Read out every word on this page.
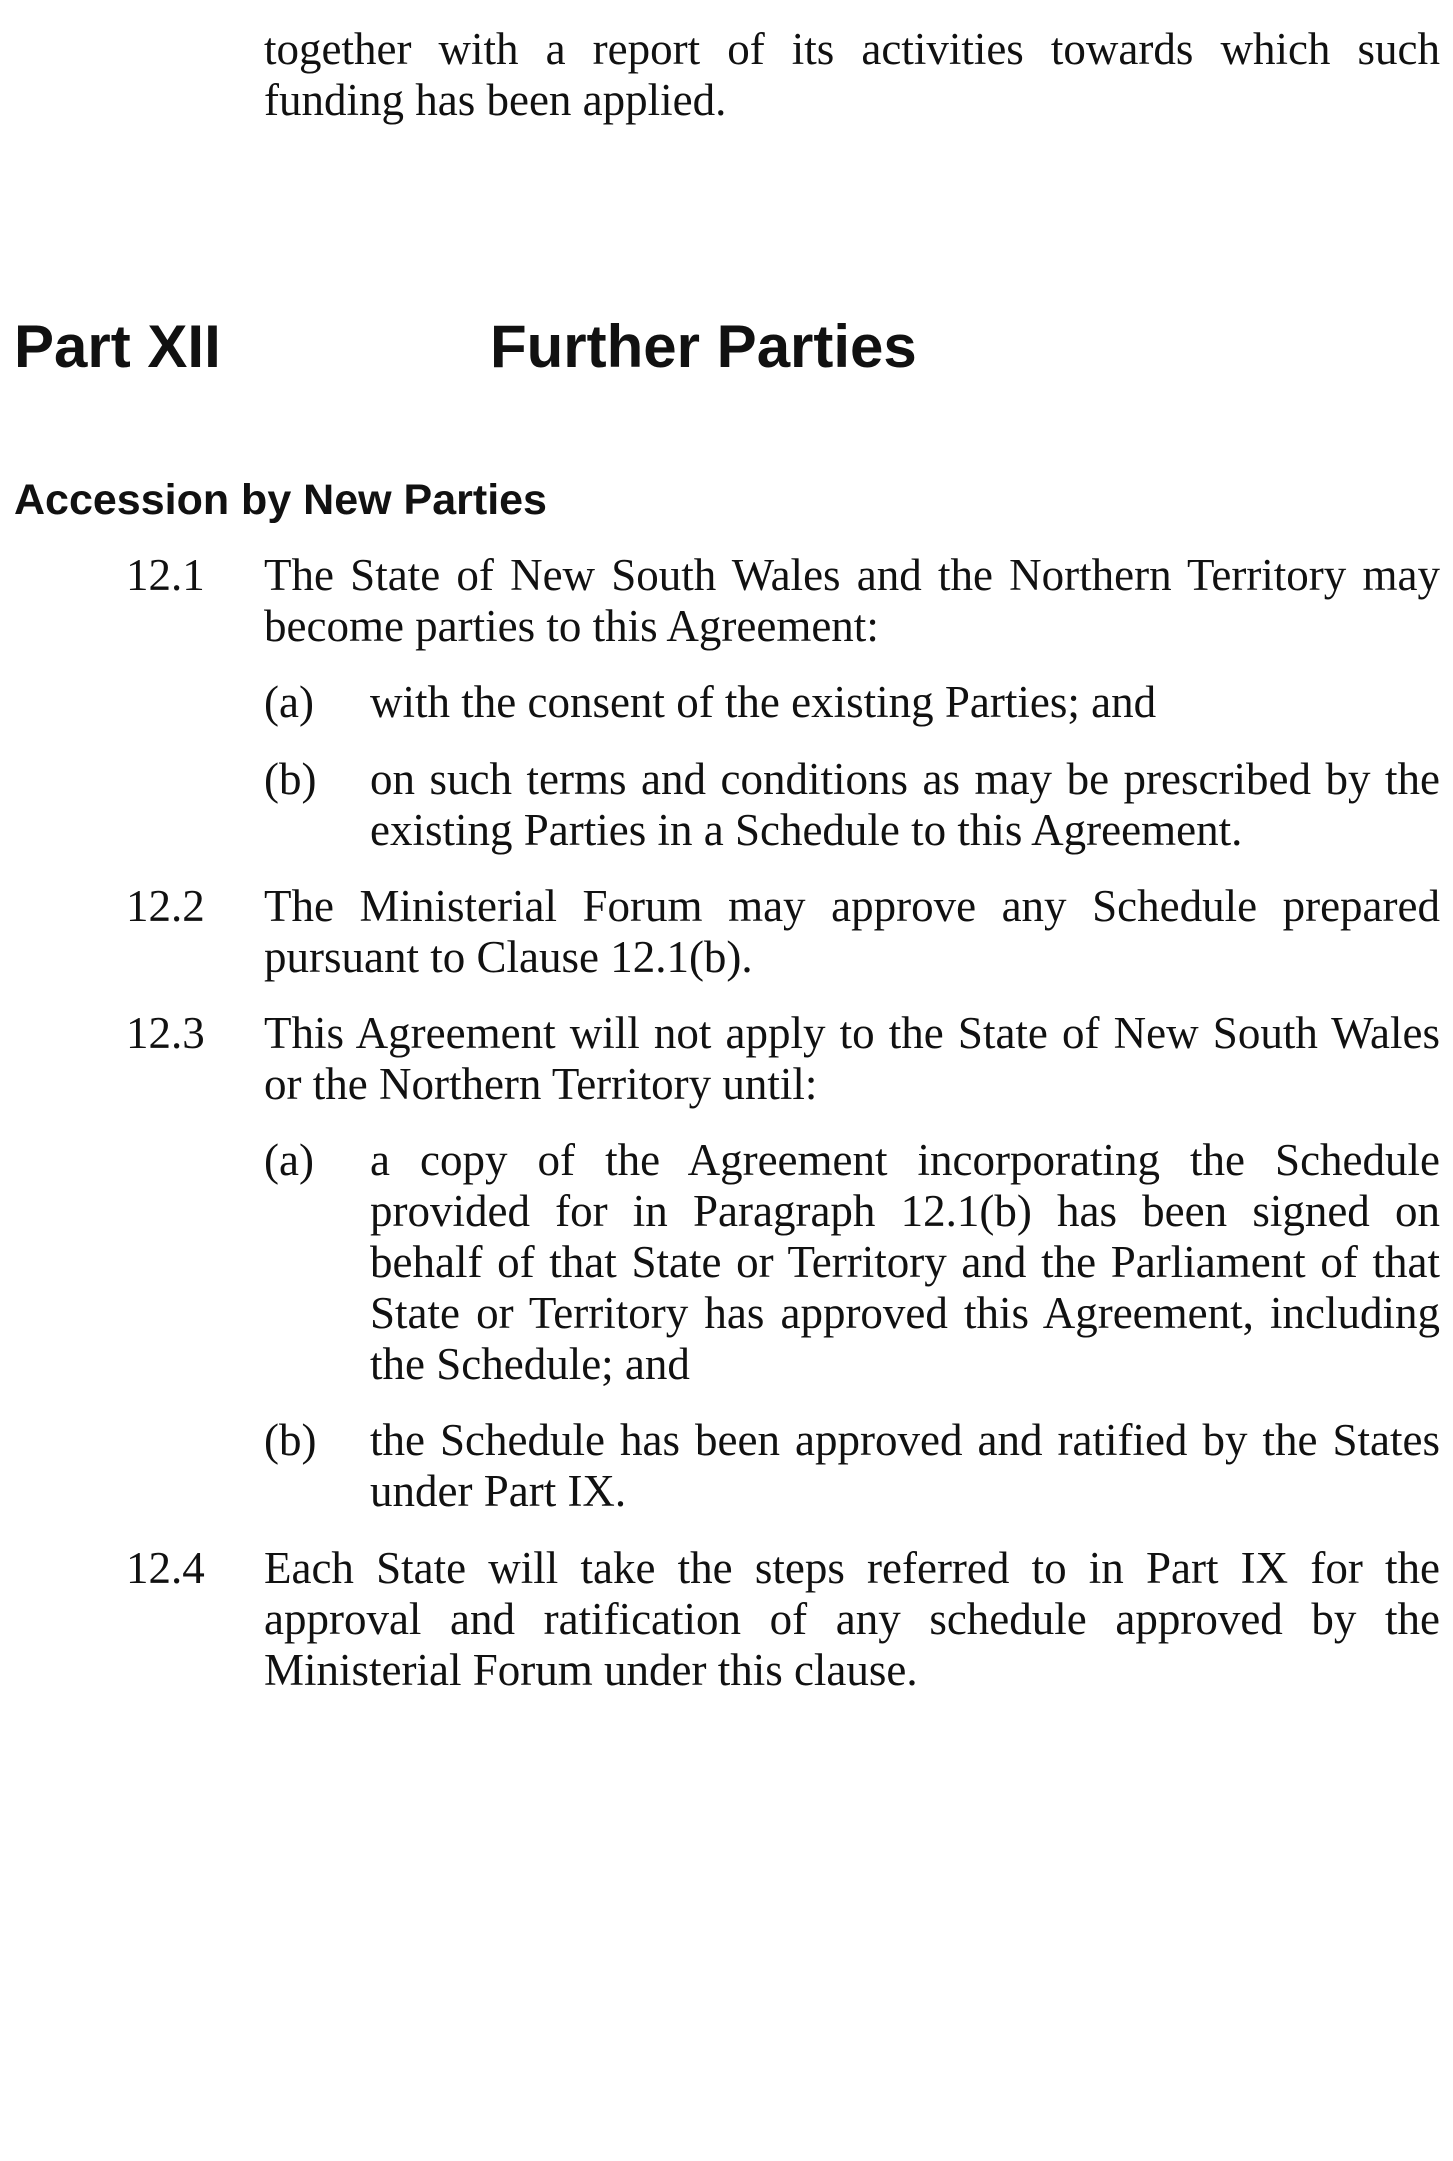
together with a report of its activities towards which such funding has been applied.
Part XII	Further Parties
Accession by New Parties
12.1	The State of New South Wales and the Northern Territory may become parties to this Agreement:
(a)	with the consent of the existing Parties; and
(b)	on such terms and conditions as may be prescribed by the existing Parties in a Schedule to this Agreement.
12.2	The Ministerial Forum may approve any Schedule prepared pursuant to Clause 12.1(b).
12.3	This Agreement will not apply to the State of New South Wales or the Northern Territory until:
(a)	a copy of the Agreement incorporating the Schedule provided for in Paragraph 12.1(b) has been signed on behalf of that State or Territory and the Parliament of that State or Territory has approved this Agreement, including the Schedule; and
(b)	the Schedule has been approved and ratified by the States under Part IX.
12.4	Each State will take the steps referred to in Part IX for the approval and ratification of any schedule approved by the Ministerial Forum under this clause.
